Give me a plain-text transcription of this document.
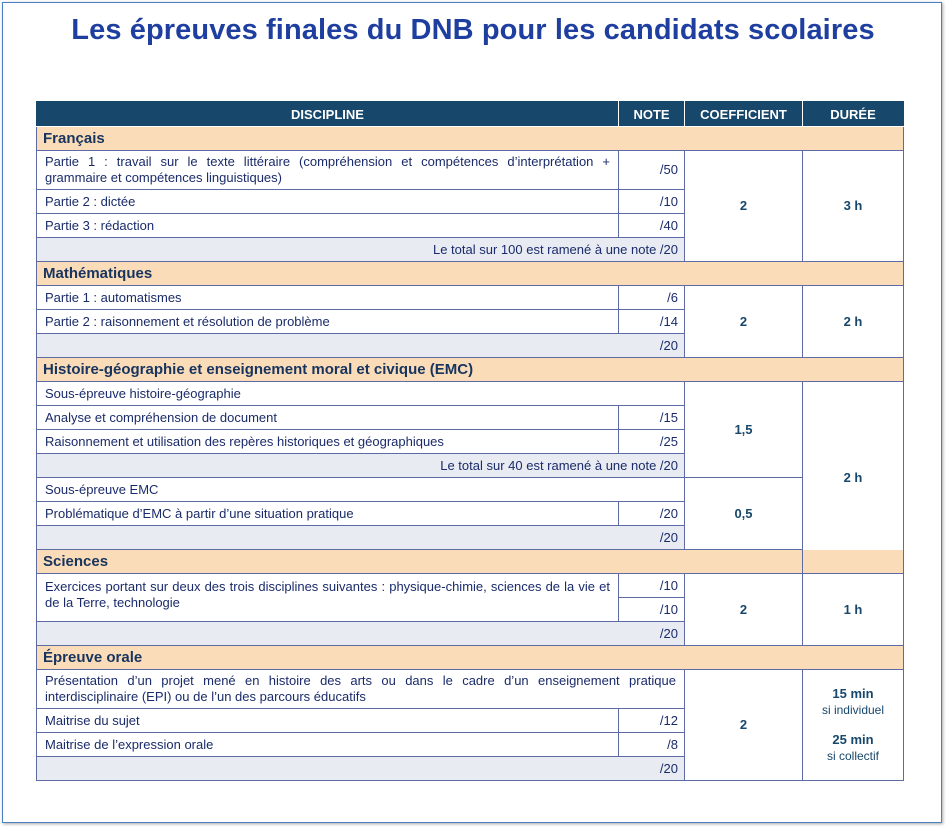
Les épreuves finales du DNB pour les candidats scolaires
DISCIPLINE	NOTE	COEFFICIENT	DURÉE
Français			
Partie 1 : travail sur le texte littéraire (compréhension et compétences d’interprétation + grammaire et compétences linguistiques)	/50	2	3 h
Partie 2 : dictée	/10		
Partie 3 : rédaction	/40		
Le total sur 100 est ramené à une note /20			
Mathématiques			
Partie 1 : automatismes	/6	2	2 h
Partie 2 : raisonnement et résolution de problème	/14		
/20			
Histoire-géographie et enseignement moral et civique (EMC)			
Sous-épreuve histoire-géographie		1,5	2 h
Analyse et compréhension de document	/15		
Raisonnement et utilisation des repères historiques et géographiques	/25		
Le total sur 40 est ramené à une note /20			
Sous-épreuve EMC		0,5	
Problématique d’EMC à partir d’une situation pratique	/20		
/20			
Sciences			
Exercices portant sur deux des trois disciplines suivantes : physique-chimie, sciences de la vie et de la Terre, technologie	/10	2	1 h
	/10		
/20			
Épreuve orale			
Présentation d’un projet mené en histoire des arts ou dans le cadre d’un enseignement pratique interdisciplinaire (EPI) ou de l’un des parcours éducatifs		2	15 min
si individuel
25 min
si collectif

Maitrise du sujet	/12		
Maitrise de l’expression orale	/8		
/20			
